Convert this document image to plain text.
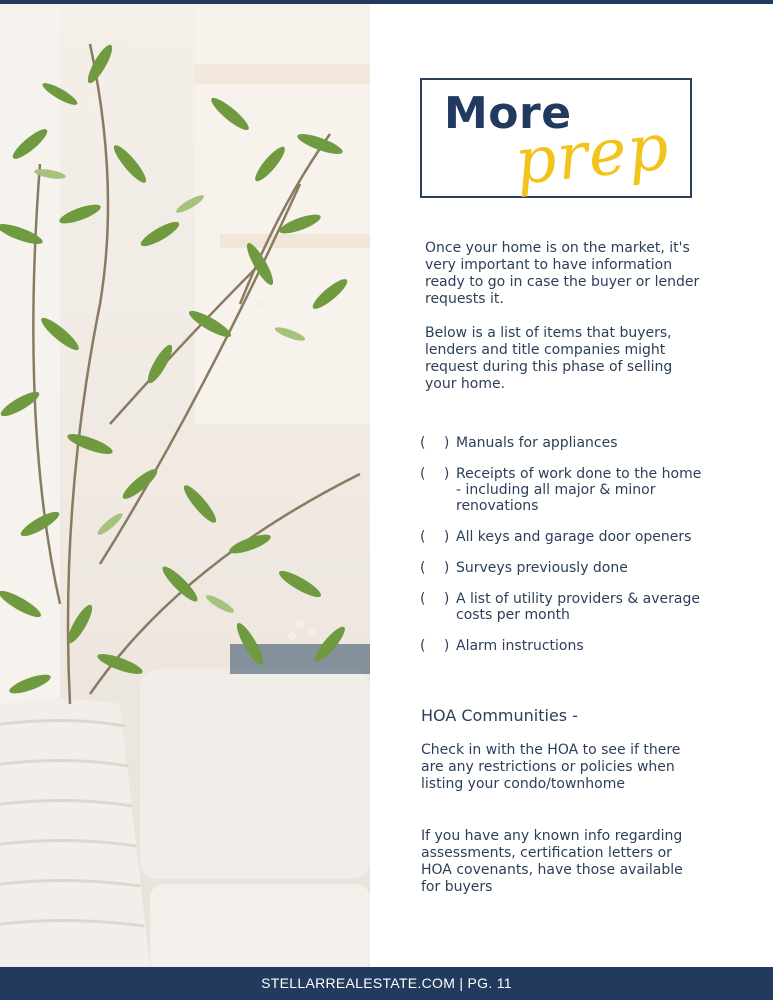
More
prep

Once your home is on the market, it's very important to have information ready to go in case the buyer or lender requests it.

Below is a list of items that buyers, lenders and title companies might request during this phase of selling your home.

( ) Manuals for appliances
( ) Receipts of work done to the home - including all major & minor renovations
( ) All keys and garage door openers
( ) Surveys previously done
( ) A list of utility providers & average costs per month
( ) Alarm instructions
HOA Communities -

Check in with the HOA to see if there are any restrictions or policies when listing your condo/townhome

If you have any known info regarding assessments, certification letters or HOA covenants, have those available for buyers

STELLARREALESTATE.COM | PG. 11
